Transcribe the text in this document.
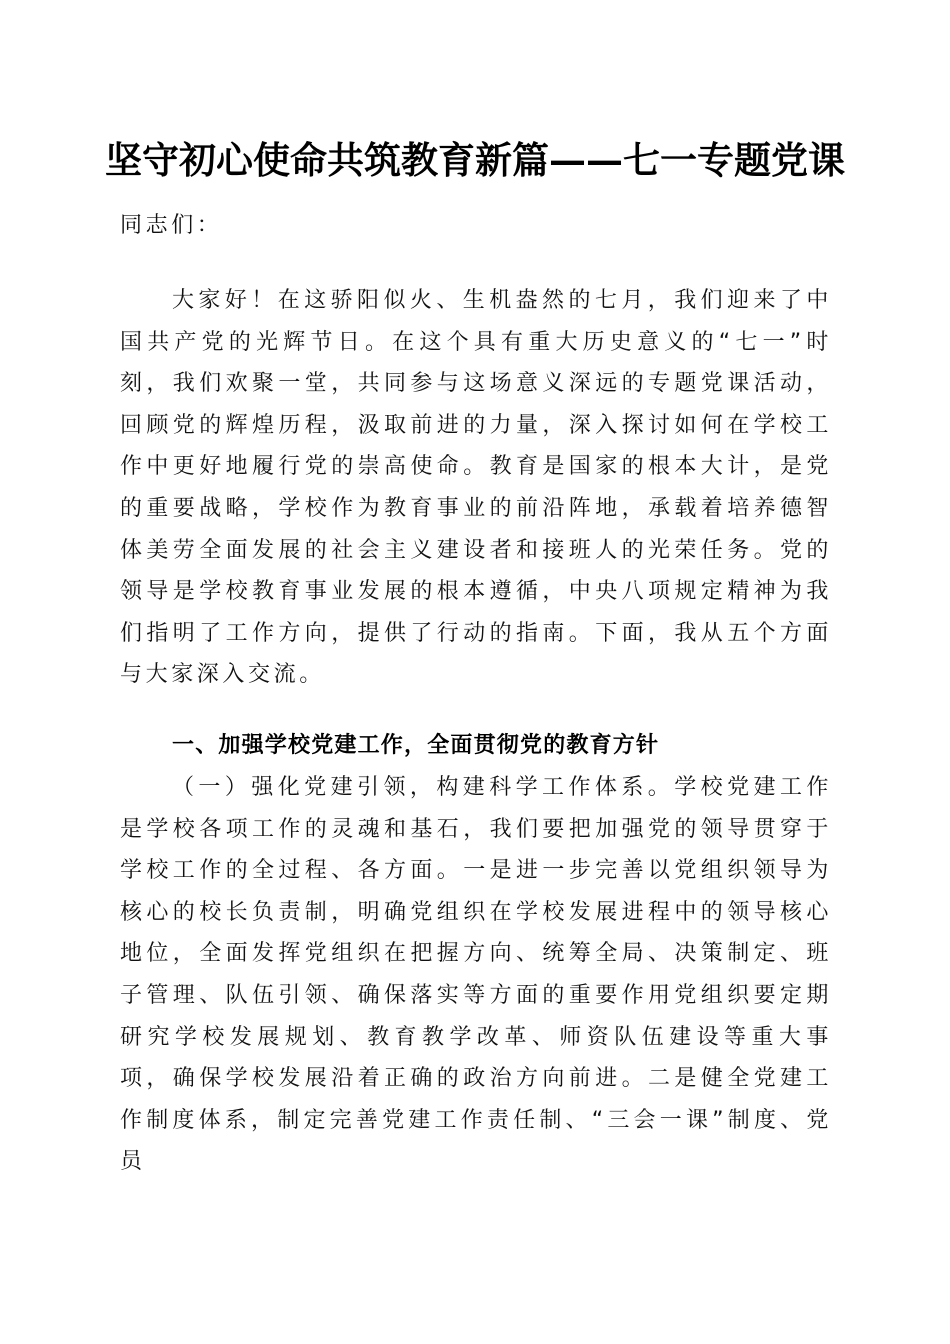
坚守初心使命共筑教育新篇——七一专题党课
同志们：
大家好！在这骄阳似火、生机盎然的七月，我们迎来了中国共产党的光辉节日。在这个具有重大历史意义的“七一”时刻，我们欢聚一堂，共同参与这场意义深远的专题党课活动，回顾党的辉煌历程，汲取前进的力量，深入探讨如何在学校工作中更好地履行党的崇高使命。教育是国家的根本大计，是党的重要战略，学校作为教育事业的前沿阵地，承载着培养德智体美劳全面发展的社会主义建设者和接班人的光荣任务。党的领导是学校教育事业发展的根本遵循，中央八项规定精神为我们指明了工作方向，提供了行动的指南。下面，我从五个方面与大家深入交流。
一、加强学校党建工作，全面贯彻党的教育方针
（一）强化党建引领，构建科学工作体系。学校党建工作是学校各项工作的灵魂和基石，我们要把加强党的领导贯穿于学校工作的全过程、各方面。一是进一步完善以党组织领导为核心的校长负责制，明确党组织在学校发展进程中的领导核心地位，全面发挥党组织在把握方向、统筹全局、决策制定、班子管理、队伍引领、确保落实等方面的重要作用党组织要定期研究学校发展规划、教育教学改革、师资队伍建设等重大事项，确保学校发展沿着正确的政治方向前进。二是健全党建工作制度体系，制定完善党建工作责任制、“三会一课”制度、党员
